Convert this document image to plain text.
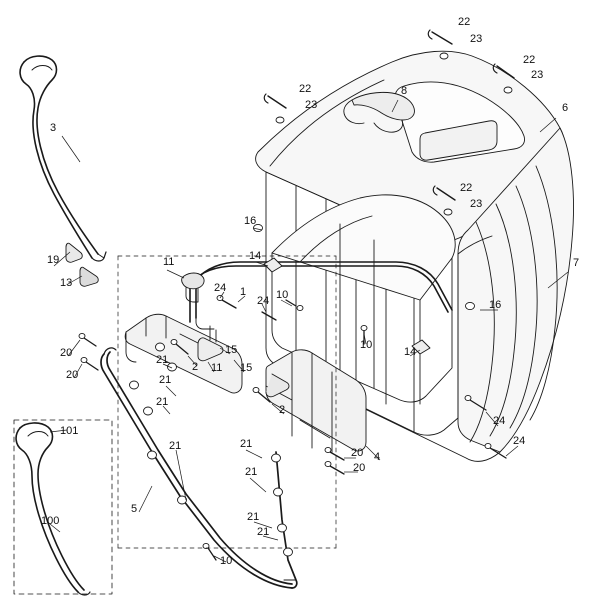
22
23
22
23
6
8
22
23
3
22
23
16
19
13
11	14
7
24 1
24 10
16
10
14
20
20
21
15
2 11 15
21
21
2
24
101
21	21
20 4
24
20
21
5
100	21
21
10
